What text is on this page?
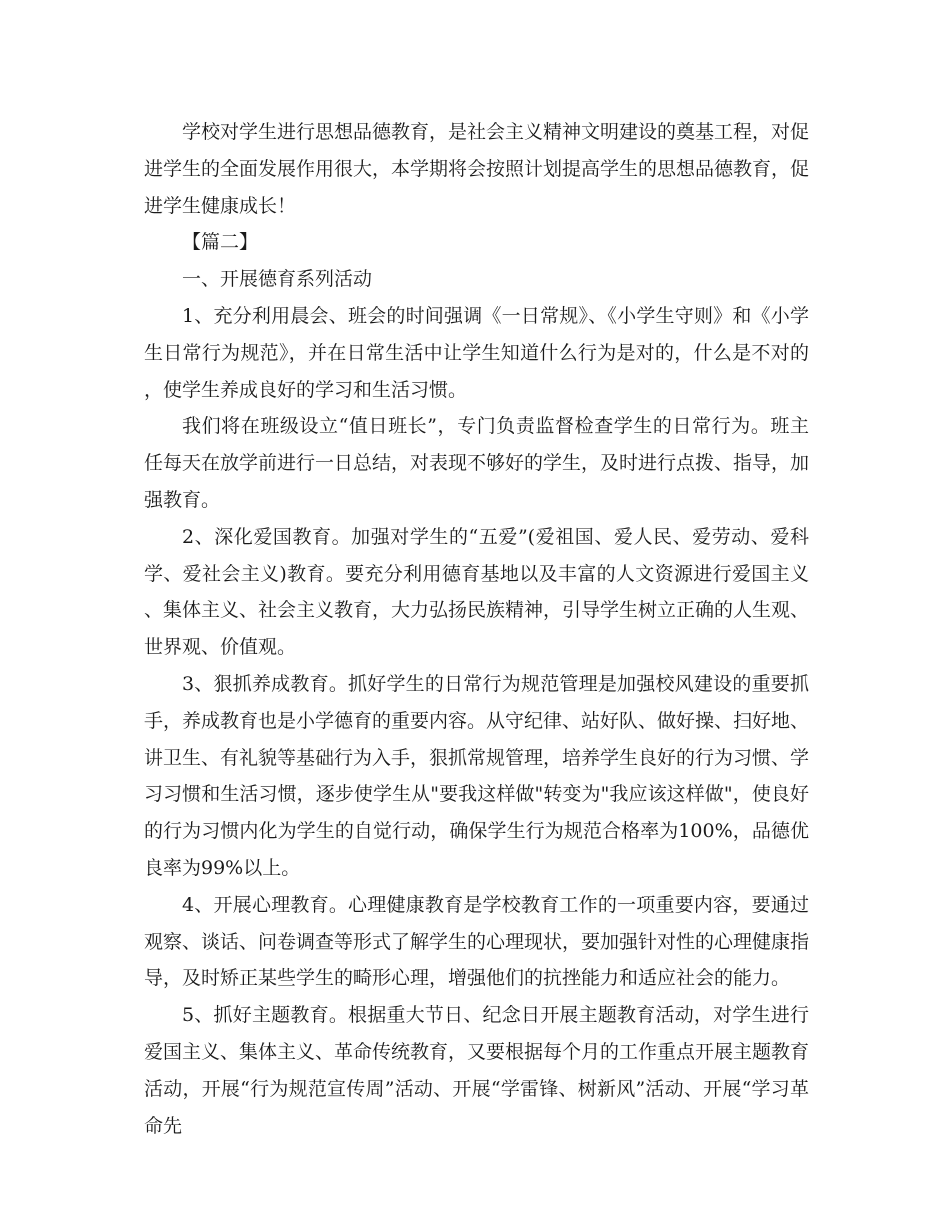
学校对学生进行思想品德教育，是社会主义精神文明建设的奠基工程，对促进学生的全面发展作用很大，本学期将会按照计划提高学生的思想品德教育，促进学生健康成长！

【篇二】

一、开展德育系列活动

1、充分利用晨会、班会的时间强调《一日常规》、《小学生守则》和《小学生日常行为规范》，并在日常生活中让学生知道什么行为是对的，什么是不对的，使学生养成良好的学习和生活习惯。

我们将在班级设立“值日班长”，专门负责监督检查学生的日常行为。班主任每天在放学前进行一日总结，对表现不够好的学生，及时进行点拨、指导，加强教育。

2、深化爱国教育。加强对学生的“五爱”(爱祖国、爱人民、爱劳动、爱科学、爱社会主义)教育。要充分利用德育基地以及丰富的人文资源进行爱国主义、集体主义、社会主义教育，大力弘扬民族精神，引导学生树立正确的人生观、世界观、价值观。

3、狠抓养成教育。抓好学生的日常行为规范管理是加强校风建设的重要抓手，养成教育也是小学德育的重要内容。从守纪律、站好队、做好操、扫好地、讲卫生、有礼貌等基础行为入手，狠抓常规管理，培养学生良好的行为习惯、学习习惯和生活习惯，逐步使学生从"要我这样做"转变为"我应该这样做"，使良好的行为习惯内化为学生的自觉行动，确保学生行为规范合格率为100%，品德优良率为99%以上。

4、开展心理教育。心理健康教育是学校教育工作的一项重要内容，要通过观察、谈话、问卷调查等形式了解学生的心理现状，要加强针对性的心理健康指导，及时矫正某些学生的畸形心理，增强他们的抗挫能力和适应社会的能力。

5、抓好主题教育。根据重大节日、纪念日开展主题教育活动，对学生进行爱国主义、集体主义、革命传统教育，又要根据每个月的工作重点开展主题教育活动，开展“行为规范宣传周”活动、开展“学雷锋、树新风”活动、开展“学习革命先
